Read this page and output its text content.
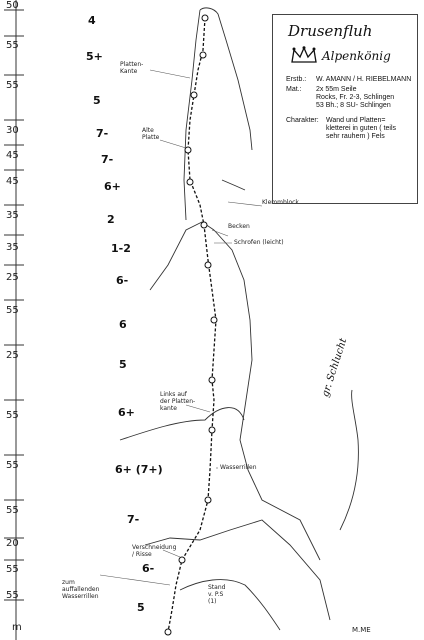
50
55
55
30
45
45
35
35
25
55
25
55
55
55
20
55
55
m
4
5+
5
7-
7-
6+
2
1-2
6-
6
5
6+
6+ (7+)
7-
6-
5
Platten-
Kante
Alte
Platte
Klemmblock
Becken
Schrofen (leicht)
Links auf
der Platten-
kante
Wasserrillen
Verschneidung
/ Risse
zum
auffallenden
Wasserrillen
Stand
v. P.S
(1)
gr. Schlucht
M.ME
Drusenfluh
Alpenkönig
Erstb.: W. AMANN / H. RIEBELMANN
Mat.: 2x 55m Seile
Rocks, Fr. 2-3, Schlingen
53 Bh.; 8 SU- Schlingen
Charakter: Wand und Platten=
kletterei in guten ( teils
sehr rauhem ) Fels
